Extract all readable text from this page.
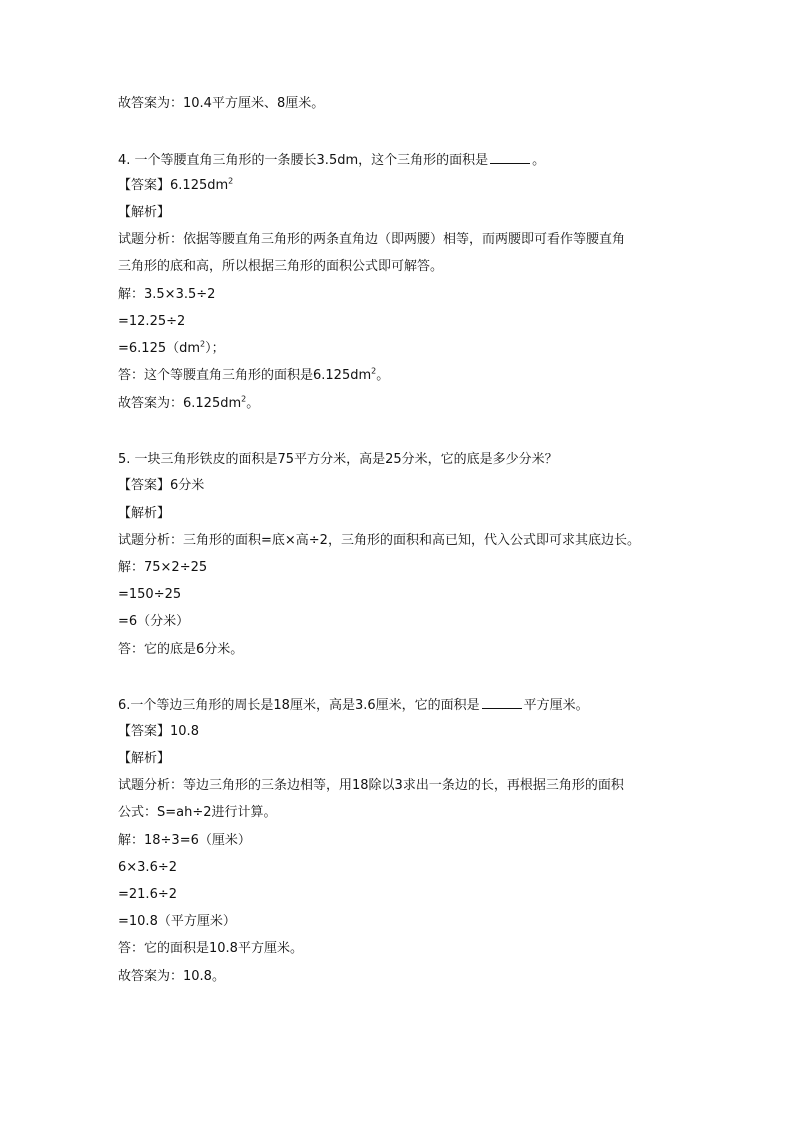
故答案为：10.4平方厘米、8厘米。
4. 一个等腰直角三角形的一条腰长3.5dm，这个三角形的面积是	。
【答案】$6.125dm^2$
【解析】
试题分析：依据等腰直角三角形的两条直角边（即两腰）相等，而两腰即可看作等腰直角
三角形的底和高，所以根据三角形的面积公式即可解答。
解：3.5×3.5÷2
=12.25÷2
$=6.125(dm^2)$；
答：这个等腰直角三角形的面积是$6.125dm^2$。
故答案为：$6.125dm^2$。
5. 一块三角形铁皮的面积是75平方分米，高是25分米，它的底是多少分米？
【答案】6分米
【解析】
试题分析：三角形的面积=底×高÷2，三角形的面积和高已知，代入公式即可求其底边长。
解：75×2÷25
=150÷25
=6（分米）
答：它的底是6分米。
6.一个等边三角形的周长是18厘米，高是3.6厘米，它的面积是	平方厘米。
【答案】10.8
【解析】
试题分析：等边三角形的三条边相等，用18除以3求出一条边的长，再根据三角形的面积
公式：S=ah÷2进行计算。
解：18÷3=6（厘米）
6×3.6÷2
=21.6÷2
=10.8（平方厘米）
答：它的面积是10.8平方厘米。
故答案为：10.8。
